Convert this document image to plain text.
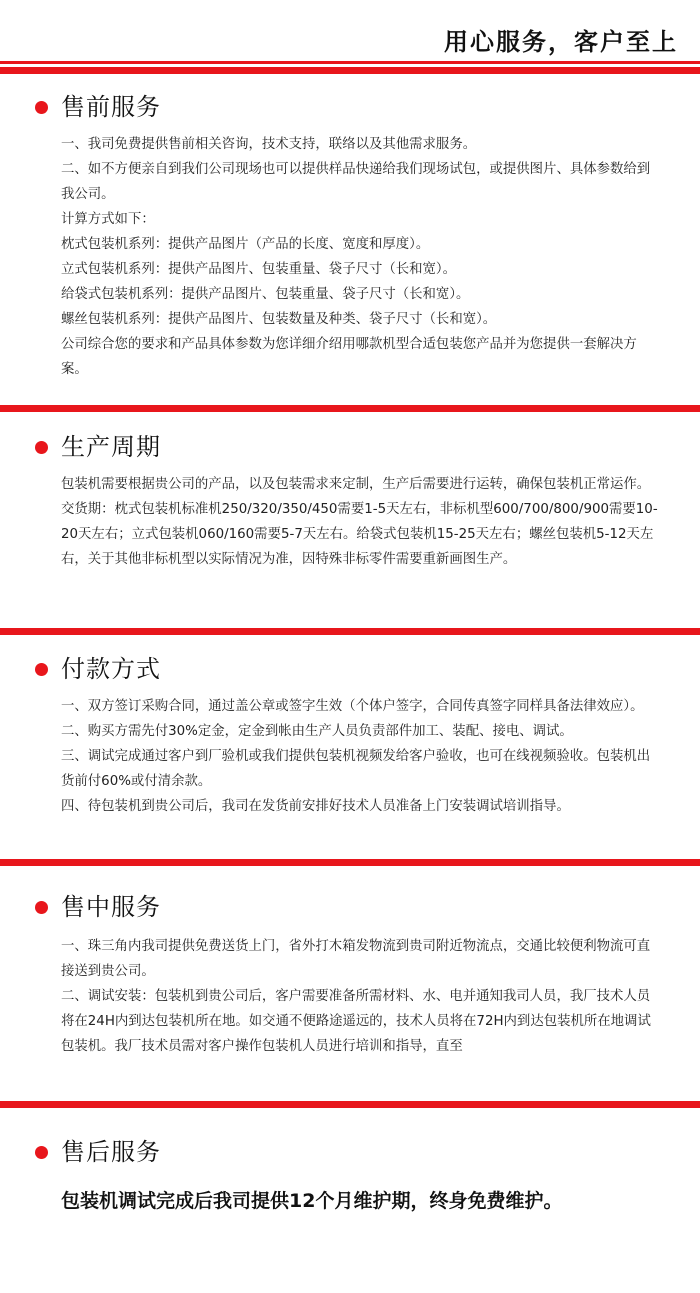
用心服务，客户至上
售前服务

一、我司免费提供售前相关咨询，技术支持，联络以及其他需求服务。

二、如不方便亲自到我们公司现场也可以提供样品快递给我们现场试包，或提供图片、具体参数给到我公司。

计算方式如下：

枕式包装机系列：提供产品图片（产品的长度、宽度和厚度）。

立式包装机系列：提供产品图片、包装重量、袋子尺寸（长和宽）。

给袋式包装机系列：提供产品图片、包装重量、袋子尺寸（长和宽）。

螺丝包装机系列：提供产品图片、包装数量及种类、袋子尺寸（长和宽）。

公司综合您的要求和产品具体参数为您详细介绍用哪款机型合适包装您产品并为您提供一套解决方案。

生产周期

包装机需要根据贵公司的产品，以及包装需求来定制，生产后需要进行运转，确保包装机正常运作。

交货期：枕式包装机标准机250/320/350/450需要1-5天左右，非标机型600/700/800/900需要10-20天左右；立式包装机060/160需要5-7天左右。给袋式包装机15-25天左右；螺丝包装机5-12天左右，关于其他非标机型以实际情况为准，因特殊非标零件需要重新画图生产。

付款方式

一、双方签订采购合同，通过盖公章或签字生效（个体户签字，合同传真签字同样具备法律效应）。

二、购买方需先付30%定金，定金到帐由生产人员负责部件加工、装配、接电、调试。

三、调试完成通过客户到厂验机或我们提供包装机视频发给客户验收，也可在线视频验收。包装机出货前付60%或付清余款。

四、待包装机到贵公司后，我司在发货前安排好技术人员准备上门安装调试培训指导。

售中服务

一、珠三角内我司提供免费送货上门，省外打木箱发物流到贵司附近物流点，交通比较便利物流可直接送到贵公司。

二、调试安装：包装机到贵公司后，客户需要准备所需材料、水、电并通知我司人员，我厂技术人员将在24H内到达包装机所在地。如交通不便路途遥远的，技术人员将在72H内到达包装机所在地调试包装机。我厂技术员需对客户操作包装机人员进行培训和指导，直至

售后服务

包装机调试完成后我司提供12个月维护期，终身免费维护。
